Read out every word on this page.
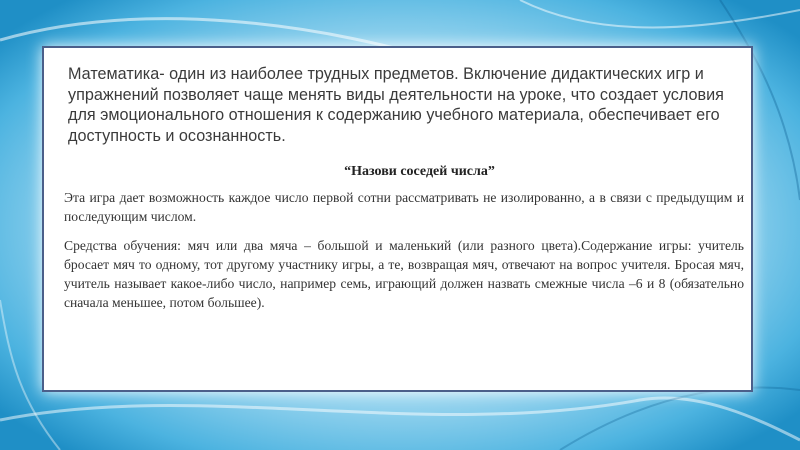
Математика- один из наиболее трудных предметов. Включение дидактических игр и упражнений позволяет чаще менять виды деятельности на уроке, что создает условия для эмоционального отношения к содержанию учебного материала, обеспечивает его доступность и осознанность.

“Назови соседей числа”

Эта игра дает возможность каждое число первой сотни рассматривать не изолированно, а в связи с предыдущим и последующим числом.

Средства обучения: мяч или два мяча – большой и маленький (или разного цвета).Содержание игры: учитель бросает мяч то одному, тот другому участнику игры, а те, возвращая мяч, отвечают на вопрос учителя. Бросая мяч, учитель называет какое-либо число, например семь, играющий должен назвать смежные числа –6 и 8 (обязательно сначала меньшее, потом большее).
